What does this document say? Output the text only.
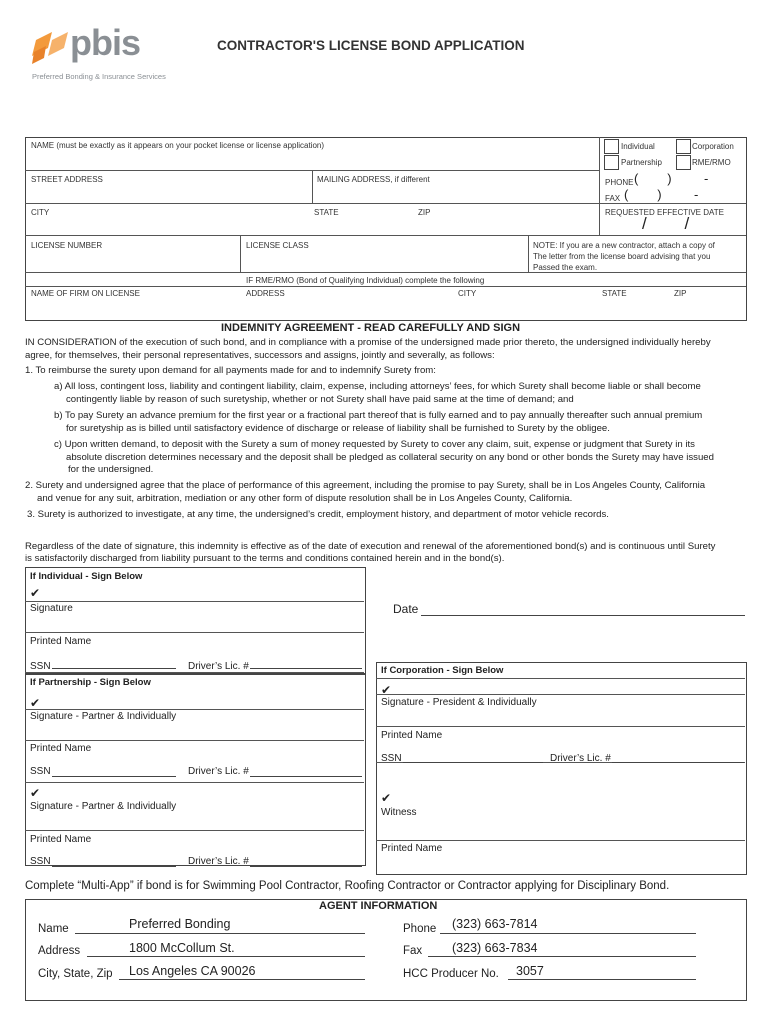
pbis
Preferred Bonding & Insurance Services
CONTRACTOR'S LICENSE BOND APPLICATION
NAME (must be exactly as it appears on your pocket license or license application)	Individual	Corporation
Partnership	RME/RMO
STREET ADDRESS	MAILING ADDRESS, if different	PHONE (        )         -
FAX (        )         -
CITY	STATE	ZIP	REQUESTED EFFECTIVE DATE
/        /
LICENSE NUMBER	LICENSE CLASS	NOTE: If you are a new contractor, attach a copy of
The letter from the license board advising that you
Passed the exam.
IF RME/RMO (Bond of Qualifying Individual) complete the following
NAME OF FIRM ON LICENSE	ADDRESS	CITY	STATE	ZIP
INDEMNITY AGREEMENT - READ CAREFULLY AND SIGN
IN CONSIDERATION of the execution of such bond, and in compliance with a promise of the undersigned made prior thereto, the undersigned individually hereby
agree, for themselves, their personal representatives, successors and assigns, jointly and severally, as follows:
1. To reimburse the surety upon demand for all payments made for and to indemnify Surety from:
a) All loss, contingent loss, liability and contingent liability, claim, expense, including attorneys’ fees, for which Surety shall become liable or shall become
contingently liable by reason of such suretyship, whether or not Surety shall have paid same at the time of demand; and
b) To pay Surety an advance premium for the first year or a fractional part thereof that is fully earned and to pay annually thereafter such annual premium
for suretyship as is billed until satisfactory evidence of discharge or release of liability shall be furnished to Surety by the obligee.
c) Upon written demand, to deposit with the Surety a sum of money requested by Surety to cover any claim, suit, expense or judgment that Surety in its
absolute discretion determines necessary and the deposit shall be pledged as collateral security on any bond or other bonds the Surety may have issued
for the undersigned.
2. Surety and undersigned agree that the place of performance of this agreement, including the promise to pay Surety, shall be in Los Angeles County, California
and venue for any suit, arbitration, mediation or any other form of dispute resolution shall be in Los Angeles County, California.
3. Surety is authorized to investigate, at any time, the undersigned’s credit, employment history, and department of motor vehicle records.
Regardless of the date of signature, this indemnity is effective as of the date of execution and renewal of the aforementioned bond(s) and is continuous until Surety
is satisfactorily discharged from liability pursuant to the terms and conditions contained herein and in the bond(s).
If Individual - Sign Below
✔
Signature	Date
Printed Name
SSN	Driver’s Lic. #
If Partnership - Sign Below
✔
Signature - Partner & Individually
Printed Name
SSN	Driver’s Lic. #
✔
Signature - Partner & Individually
Printed Name
SSN	Driver’s Lic. #
If Corporation - Sign Below
✔
Signature - President & Individually
Printed Name
SSN	Driver’s Lic. #
✔
Witness
Printed Name
Complete “Multi-App” if bond is for Swimming Pool Contractor, Roofing Contractor or Contractor applying for Disciplinary Bond.
AGENT INFORMATION
Name	Preferred Bonding
Address	1800 McCollum St.
City, State, Zip Los Angeles CA 90026
Phone (323) 663-7814
Fax (323) 663-7834
HCC Producer No. 3057
